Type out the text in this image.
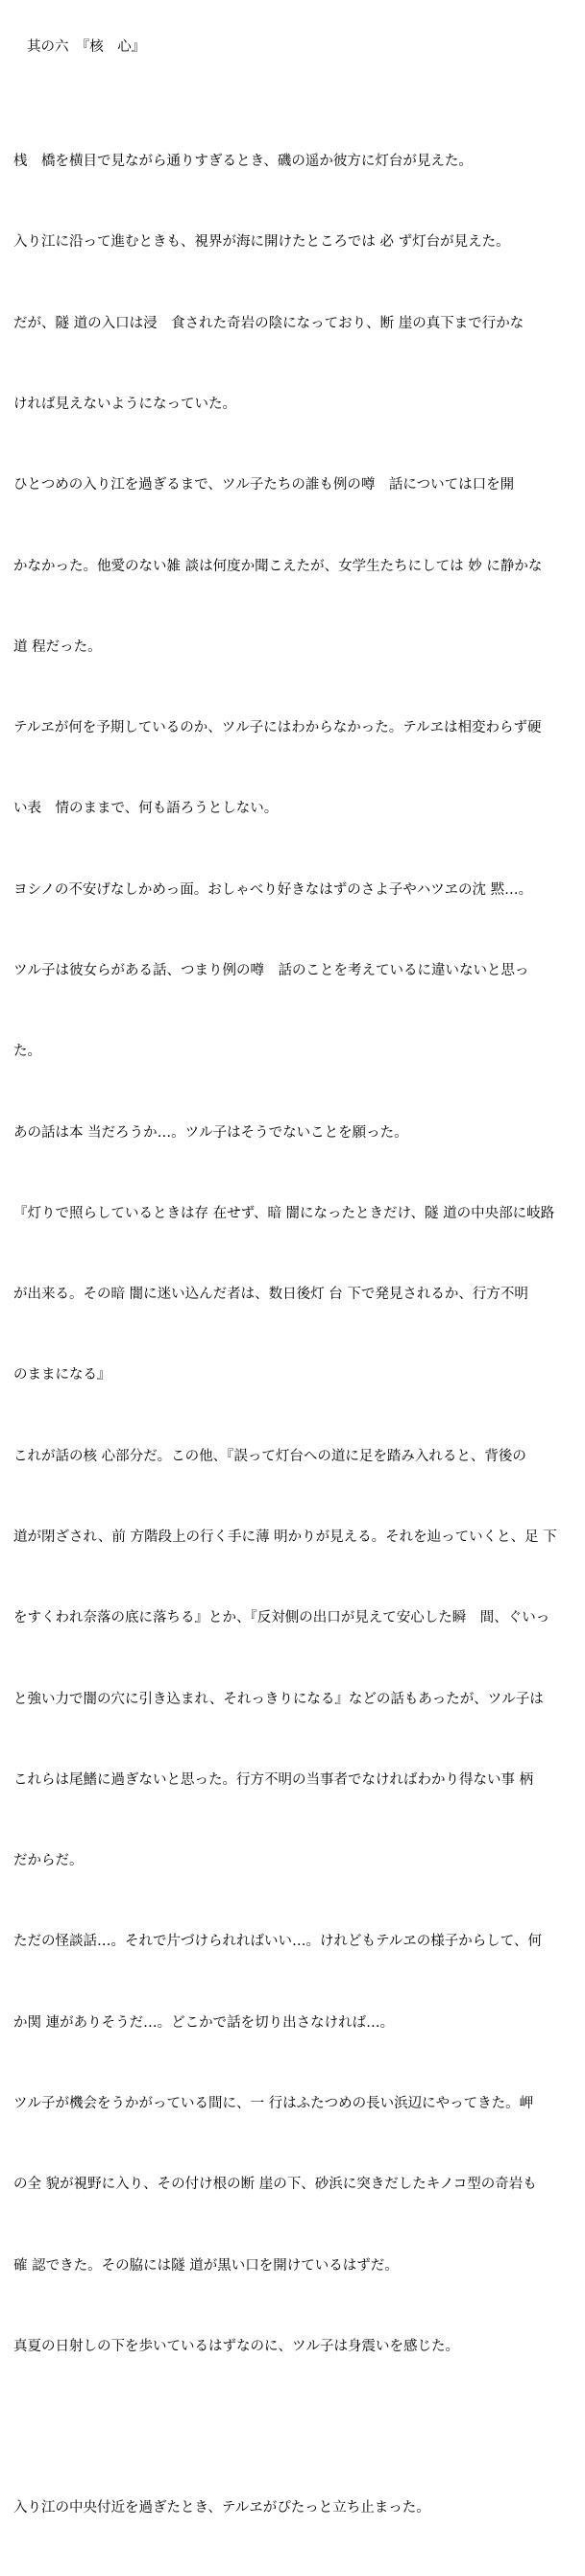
其の六　『核　心』

桟　橋を横目で見ながら通りすぎるとき、磯の遥か彼方に灯台が見えた。

入り江に沿って進むときも、視界が海に開けたところでは 必 ず灯台が見えた。

だが、隧 道の入口は浸　食された奇岩の陰になっており、断 崖の真下まで行かな

ければ見えないようになっていた。

ひとつめの入り江を過ぎるまで、ツル子たちの誰も例の噂　話については口を開

かなかった。他愛のない雑 談は何度か聞こえたが、女学生たちにしては 妙 に静かな

道 程だった。

テルヱが何を予期しているのか、ツル子にはわからなかった。テルヱは相変わらず硬

い表　情のままで、何も語ろうとしない。

ヨシノの不安げなしかめっ面。おしゃべり好きなはずのさよ子やハツヱの沈 黙…。

ツル子は彼女らがある話、つまり例の噂　話のことを考えているに違いないと思っ

た。

あの話は本 当だろうか…。ツル子はそうでないことを願った。

『灯りで照らしているときは存 在せず、暗 闇になったときだけ、隧 道の中央部に岐路

が出来る。その暗 闇に迷い込んだ者は、数日後灯 台 下で発見されるか、行方不明

のままになる』

これが話の核 心部分だ。この他、『誤って灯台への道に足を踏み入れると、背後の

道が閉ざされ、前 方階段上の行く手に薄 明かりが見える。それを辿っていくと、足 下

をすくわれ奈落の底に落ちる』とか、『反対側の出口が見えて安心した瞬　間、ぐいっ

と強い力で闇の穴に引き込まれ、それっきりになる』などの話もあったが、ツル子は

これらは尾鰭に過ぎないと思った。行方不明の当事者でなければわかり得ない事 柄

だからだ。

ただの怪談話…。それで片づけられればいい…。けれどもテルヱの様子からして、何

か関 連がありそうだ…。どこかで話を切り出さなければ…。

ツル子が機会をうかがっている間に、一 行はふたつめの長い浜辺にやってきた。岬

の全 貌が視野に入り、その付け根の断 崖の下、砂浜に突きだしたキノコ型の奇岩も

確 認できた。その脇には隧 道が黒い口を開けているはずだ。

真夏の日射しの下を歩いているはずなのに、ツル子は身震いを感じた。

入り江の中央付近を過ぎたとき、テルヱがぴたっと立ち止まった。
